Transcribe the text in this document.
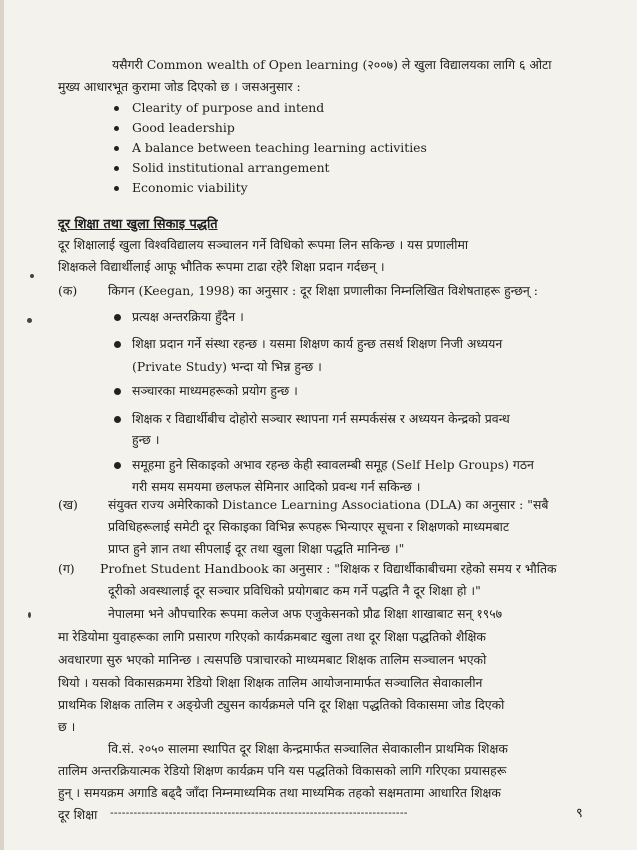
यसैगरी Common wealth of Open learning (२००७) ले खुला विद्यालयका लागि ६ ओटा
मुख्य आधारभूत कुरामा जोड दिएको छ । जसअनुसार :
Clearity of purpose and intend
Good leadership
A balance between teaching learning activities
Solid institutional arrangement
Economic viability
दूर शिक्षा तथा खुला सिकाइ पद्धति
दूर शिक्षालाई खुला विश्वविद्यालय सञ्चालन गर्ने विधिको रूपमा लिन सकिन्छ । यस प्रणालीमा
शिक्षकले विद्यार्थीलाई आफू भौतिक रूपमा टाढा रहेरै शिक्षा प्रदान गर्दछन् ।
(क) किगन (Keegan, 1998) का अनुसार : दूर शिक्षा प्रणालीका निम्नलिखित विशेषताहरू हुन्छन् :
प्रत्यक्ष अन्तरक्रिया हुँदैन ।
शिक्षा प्रदान गर्ने संस्था रहन्छ । यसमा शिक्षण कार्य हुन्छ तसर्थ शिक्षण निजी अध्ययन
(Private Study) भन्दा यो भिन्न हुन्छ ।
सञ्चारका माध्यमहरूको प्रयोग हुन्छ ।
शिक्षक र विद्यार्थीबीच दोहोरो सञ्चार स्थापना गर्न सम्पर्कसंस्र र अध्ययन केन्द्रको प्रवन्ध
हुन्छ ।
समूहमा हुने सिकाइको अभाव रहन्छ केही स्वावलम्बी समूह (Self Help Groups) गठन
गरी समय समयमा छलफल सेमिनार आदिको प्रवन्ध गर्न सकिन्छ ।
(ख) संयुक्त राज्य अमेरिकाको Distance Learning Associationa (DLA) का अनुसार : "सबै
प्रविधिहरूलाई समेटी दूर सिकाइका विभिन्न रूपहरू भिन्याएर सूचना र शिक्षणको माध्यमबाट
प्राप्त हुने ज्ञान तथा सीपलाई दूर तथा खुला शिक्षा पद्धति मानिन्छ ।"
(ग) Profnet Student Handbook का अनुसार : "शिक्षक र विद्यार्थीकाबीचमा रहेको समय र भौतिक
दूरीको अवस्थालाई दूर सञ्चार प्रविधिको प्रयोगबाट कम गर्ने पद्धति नै दूर शिक्षा हो ।"
नेपालमा भने औपचारिक रूपमा कलेज अफ एजुकेसनको प्रौढ शिक्षा शाखाबाट सन् १९५७
मा रेडियोमा युवाहरूका लागि प्रसारण गरिएको कार्यक्रमबाट खुला तथा दूर शिक्षा पद्धतिको शैक्षिक
अवधारणा सुरु भएको मानिन्छ । त्यसपछि पत्राचारको माध्यमबाट शिक्षक तालिम सञ्चालन भएको
थियो । यसको विकासक्रममा रेडियो शिक्षा शिक्षक तालिम आयोजनामार्फत सञ्चालित सेवाकालीन
प्राथमिक शिक्षक तालिम र अङ्ग्रेजी ट्युसन कार्यक्रमले पनि दूर शिक्षा पद्धतिको विकासमा जोड दिएको
छ ।
वि.सं. २०५० सालमा स्थापित दूर शिक्षा केन्द्रमार्फत सञ्चालित सेवाकालीन प्राथमिक शिक्षक
तालिम अन्तरक्रियात्मक रेडियो शिक्षण कार्यक्रम पनि यस पद्धतिको विकासको लागि गरिएका प्रयासहरू
हुन् । समयक्रम अगाडि बढ्दै जाँदा निम्नमाध्यमिक तथा माध्यमिक तहको सक्षमतामा आधारित शिक्षक
दूर शिक्षा ----------------------------------------------------------------------------	९
